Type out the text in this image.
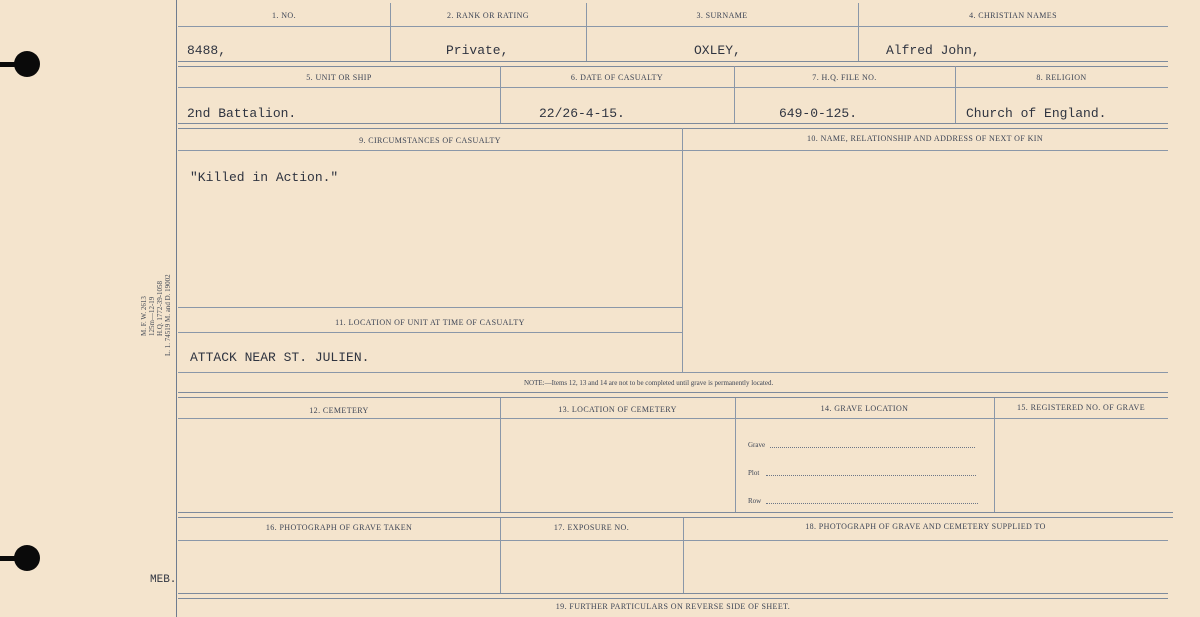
M. F. W. 2613 125m—12-19 H.Q. 1772-39-1058 L. 1. 74519 M. and D. 19002
MEB.
1. NO.	2. RANK OR RATING	3. SURNAME	4. CHRISTIAN NAMES
8488,	Private,	OXLEY,	Alfred John,
5. UNIT OR SHIP	6. DATE OF CASUALTY	7. H.Q. FILE NO.	8. RELIGION
2nd Battalion.	22/26-4-15.	649-0-125.	Church of England.
9. CIRCUMSTANCES OF CASUALTY	10. NAME, RELATIONSHIP AND ADDRESS OF NEXT OF KIN
"Killed in Action."
11. LOCATION OF UNIT AT TIME OF CASUALTY
ATTACK NEAR ST. JULIEN.
NOTE:—Items 12, 13 and 14 are not to be completed until grave is permanently located.
12. CEMETERY	13. LOCATION OF CEMETERY	14. GRAVE LOCATION	15. REGISTERED NO. OF GRAVE
Grave
Plot
Row
16. PHOTOGRAPH OF GRAVE TAKEN	17. EXPOSURE NO.	18. PHOTOGRAPH OF GRAVE AND CEMETERY SUPPLIED TO
19. FURTHER PARTICULARS ON REVERSE SIDE OF SHEET.
